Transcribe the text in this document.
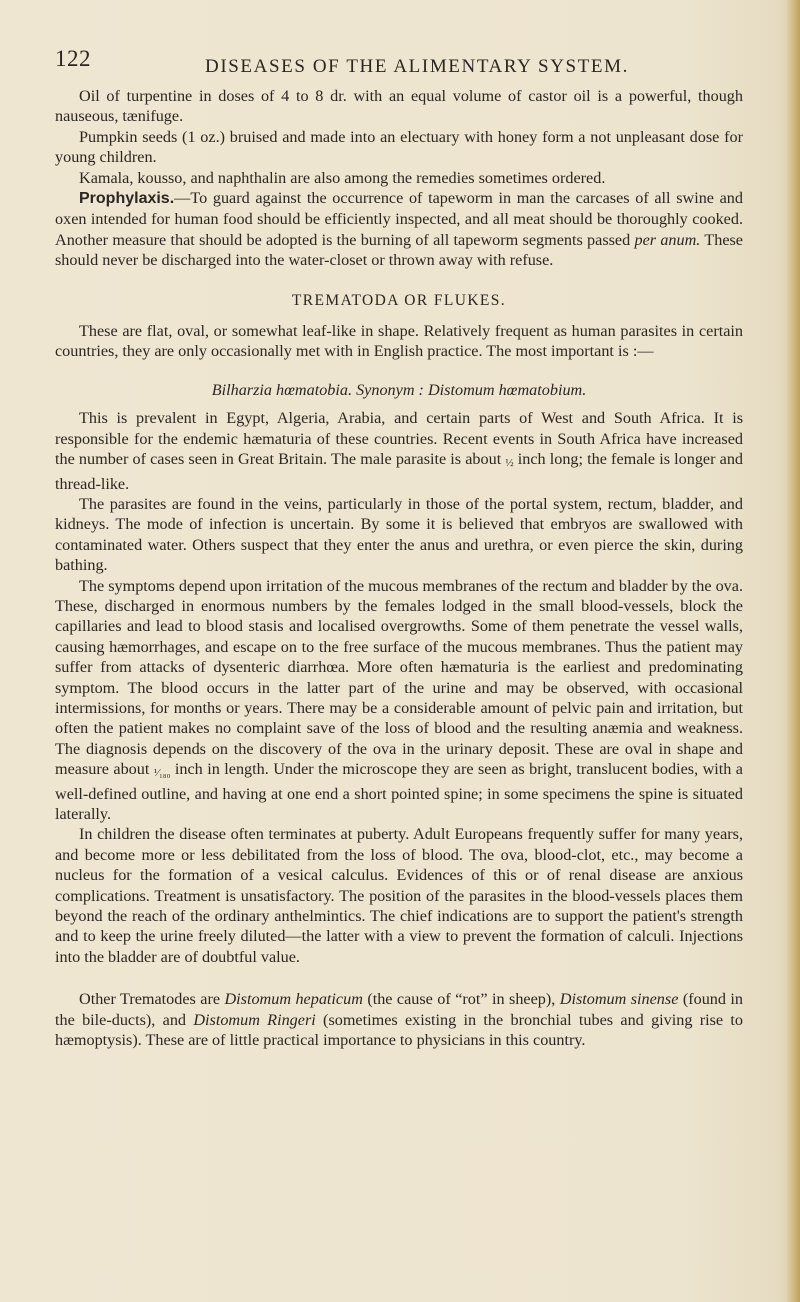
122	DISEASES OF THE ALIMENTARY SYSTEM.

Oil of turpentine in doses of 4 to 8 dr. with an equal volume of castor oil is a powerful, though nauseous, tænifuge.

Pumpkin seeds (1 oz.) bruised and made into an electuary with honey form a not unpleasant dose for young children.

Kamala, kousso, and naphthalin are also among the remedies sometimes ordered.

Prophylaxis.—To guard against the occurrence of tapeworm in man the carcases of all swine and oxen intended for human food should be efficiently inspected, and all meat should be thoroughly cooked. Another measure that should be adopted is the burning of all tapeworm segments passed per anum. These should never be discharged into the water-closet or thrown away with refuse.

TREMATODA OR FLUKES.

These are flat, oval, or somewhat leaf-like in shape. Relatively frequent as human parasites in certain countries, they are only occasionally met with in English practice. The most important is :—

Bilharzia hœmatobia. Synonym : Distomum hœmatobium.

This is prevalent in Egypt, Algeria, Arabia, and certain parts of West and South Africa. It is responsible for the endemic hæmaturia of these countries. Recent events in South Africa have increased the number of cases seen in Great Britain. The male parasite is about ½ inch long; the female is longer and thread-like.

The parasites are found in the veins, particularly in those of the portal system, rectum, bladder, and kidneys. The mode of infection is uncertain. By some it is believed that embryos are swallowed with contaminated water. Others suspect that they enter the anus and urethra, or even pierce the skin, during bathing.

The symptoms depend upon irritation of the mucous membranes of the rectum and bladder by the ova. These, discharged in enormous numbers by the females lodged in the small blood-vessels, block the capillaries and lead to blood stasis and localised overgrowths. Some of them penetrate the vessel walls, causing hæmorrhages, and escape on to the free surface of the mucous membranes. Thus the patient may suffer from attacks of dysenteric diarrhœa. More often hæmaturia is the earliest and predominating symptom. The blood occurs in the latter part of the urine and may be observed, with occasional intermissions, for months or years. There may be a considerable amount of pelvic pain and irritation, but often the patient makes no complaint save of the loss of blood and the resulting anæmia and weakness. The diagnosis depends on the discovery of the ova in the urinary deposit. These are oval in shape and measure about ¹⁄₁₈₀ inch in length. Under the microscope they are seen as bright, translucent bodies, with a well-defined outline, and having at one end a short pointed spine; in some specimens the spine is situated laterally.

In children the disease often terminates at puberty. Adult Europeans frequently suffer for many years, and become more or less debilitated from the loss of blood. The ova, blood-clot, etc., may become a nucleus for the formation of a vesical calculus. Evidences of this or of renal disease are anxious complications. Treatment is unsatisfactory. The position of the parasites in the blood-vessels places them beyond the reach of the ordinary anthelmintics. The chief indications are to support the patient's strength and to keep the urine freely diluted—the latter with a view to prevent the formation of calculi. Injections into the bladder are of doubtful value.

Other Trematodes are Distomum hepaticum (the cause of “rot” in sheep), Distomum sinense (found in the bile-ducts), and Distomum Ringeri (sometimes existing in the bronchial tubes and giving rise to hæmoptysis). These are of little practical importance to physicians in this country.
